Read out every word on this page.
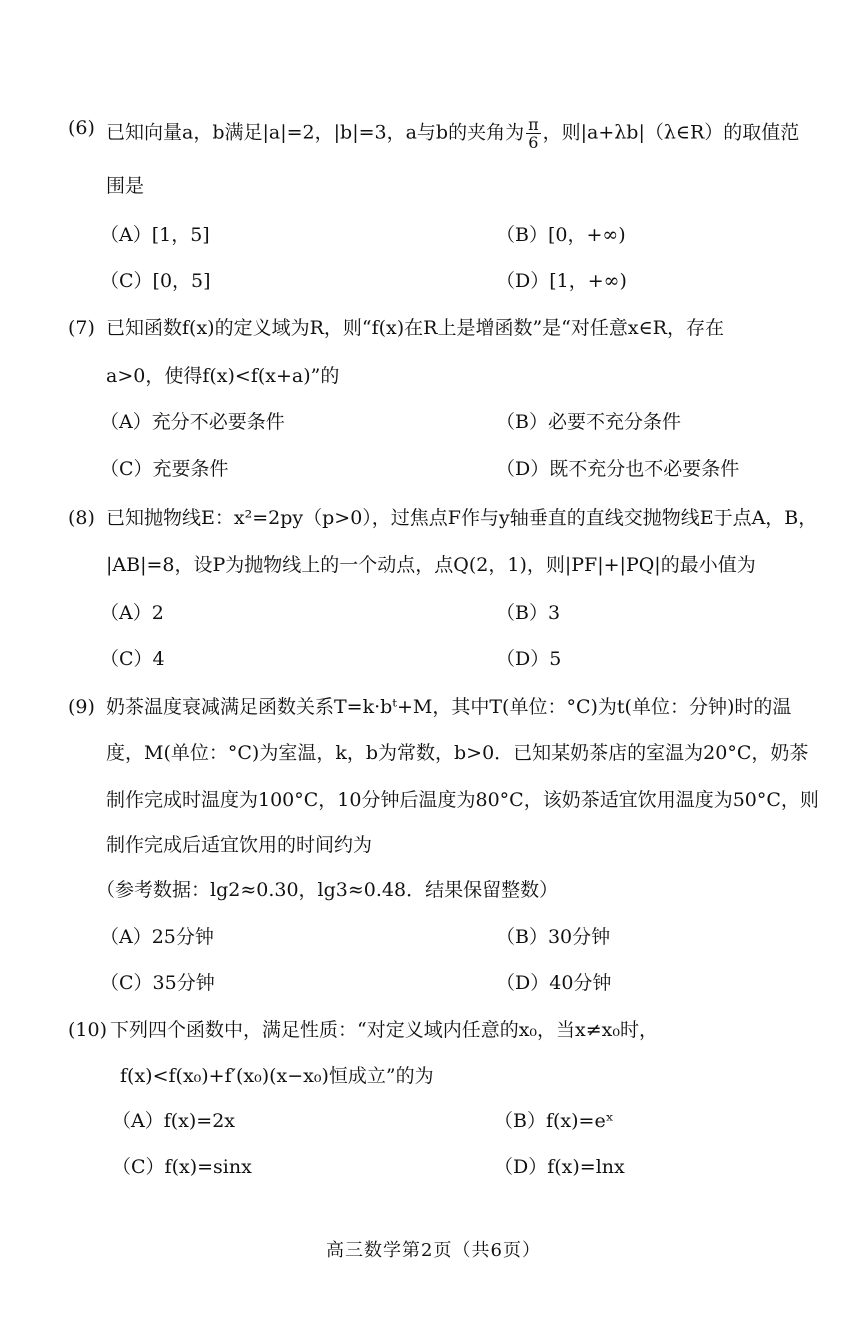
(6) 已知向量a，b满足|a|=2，|b|=3，a与b的夹角为 $\frac{\pi}{6}$ ，则|a+λb|（λ∈R）的取值范
围是
（A）[1，5]	（B）[0，+∞)
（C）[0，5]	（D）[1，+∞)
(7) 已知函数f(x)的定义域为R，则“f(x)在R上是增函数”是“对任意x∈R，存在
a>0，使得f(x)<f(x+a)”的
（A）充分不必要条件	（B）必要不充分条件
（C）充要条件	（D）既不充分也不必要条件
(8) 已知抛物线E：x²=2py（p>0），过焦点F作与y轴垂直的直线交抛物线E于点A，B，
|AB|=8，设P为抛物线上的一个动点，点Q(2，1)，则|PF|+|PQ|的最小值为
（A）2	（B）3
（C）4	（D）5
(9) 奶茶温度衰减满足函数关系T=k·bᵗ+M，其中T(单位：°C)为t(单位：分钟)时的温
度，M(单位：°C)为室温，k，b为常数，b>0．已知某奶茶店的室温为20°C，奶茶
制作完成时温度为100°C，10分钟后温度为80°C，该奶茶适宜饮用温度为50°C，则
制作完成后适宜饮用的时间约为
（参考数据：lg2≈0.30，lg3≈0.48．结果保留整数）
（A）25分钟	（B）30分钟
（C）35分钟	（D）40分钟
(10) 下列四个函数中，满足性质：“对定义域内任意的x₀，当x≠x₀时，
f(x)<f(x₀)+f′(x₀)(x−x₀)恒成立”的为
（A）f(x)=2x	（B）f(x)=eˣ
（C）f(x)=sinx	（D）f(x)=lnx
高三数学第2页（共6页）
